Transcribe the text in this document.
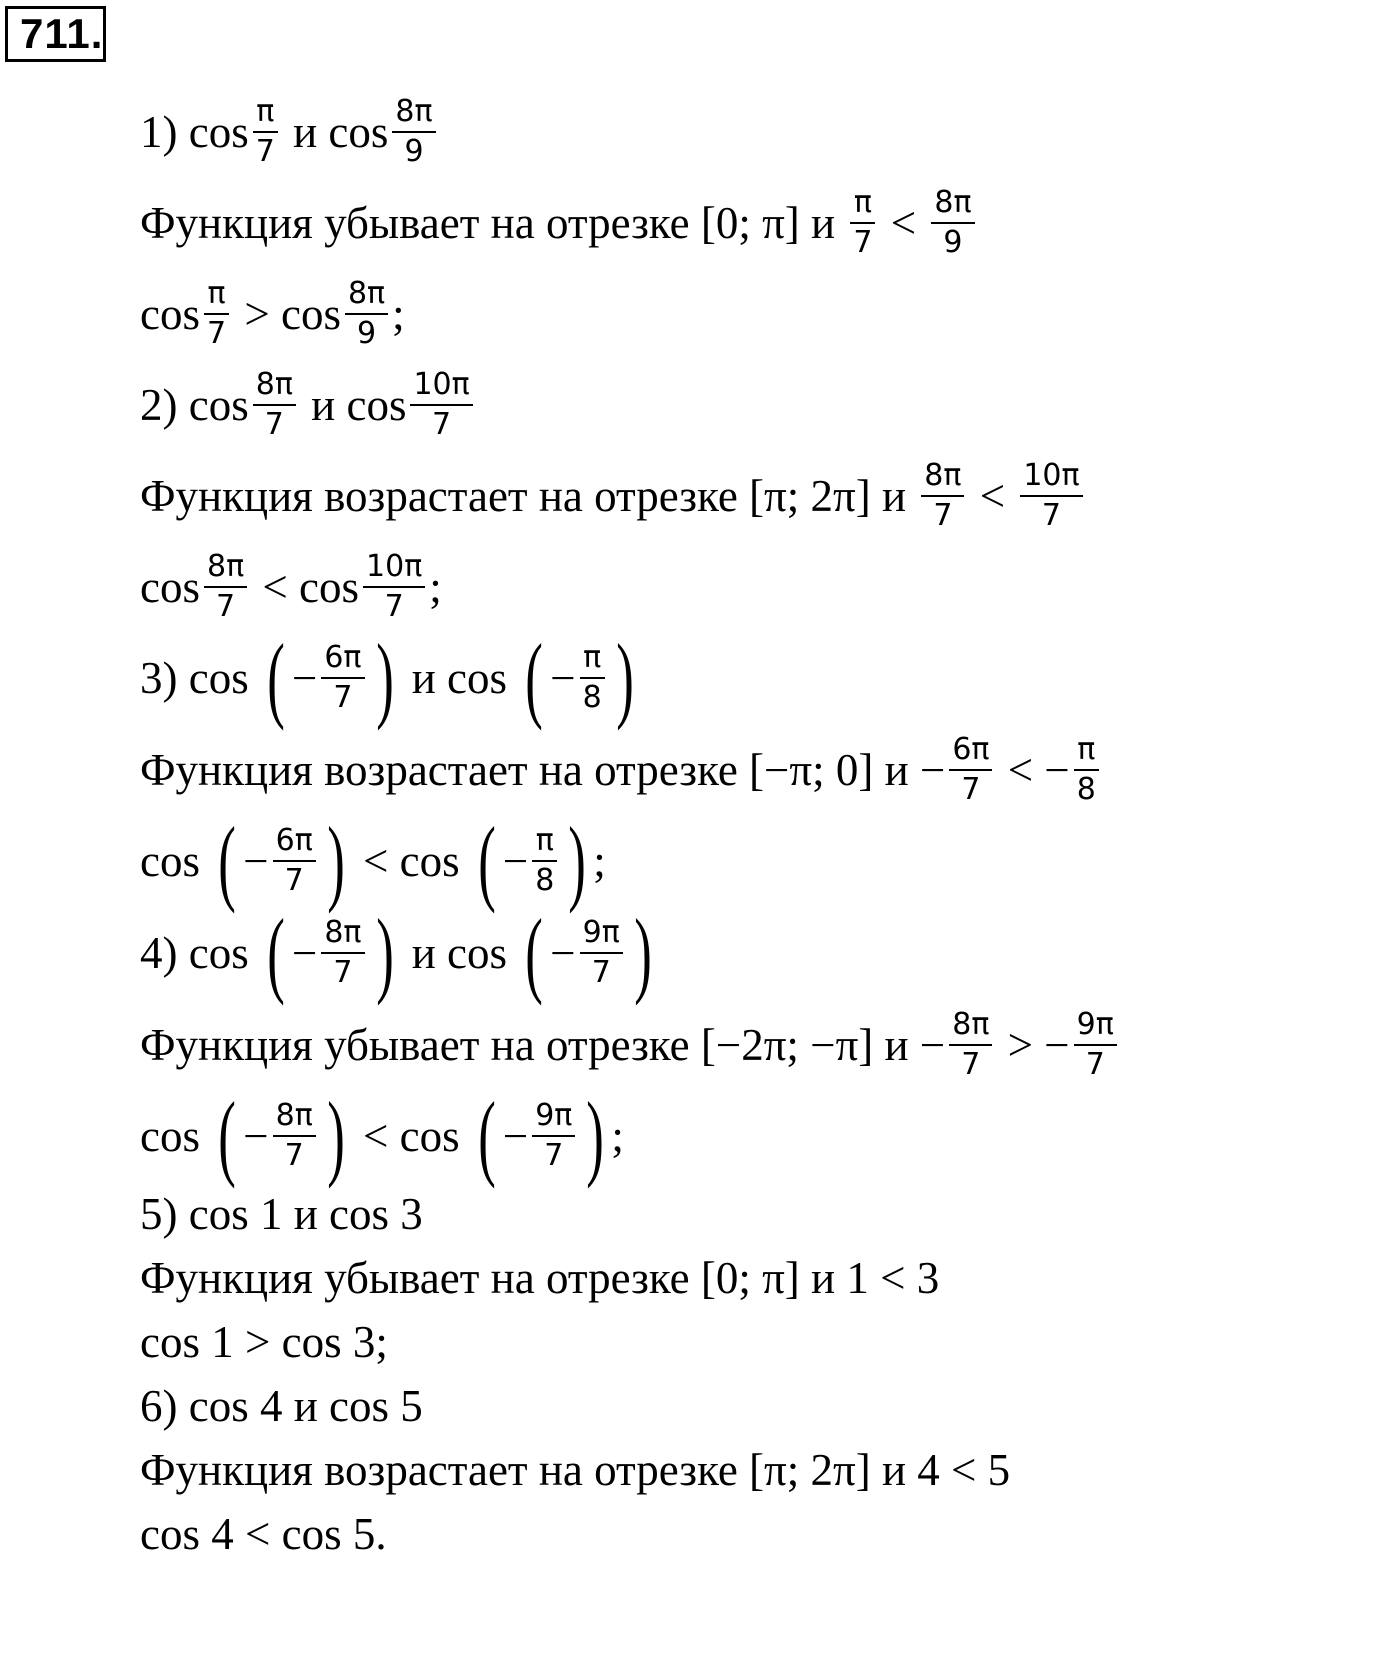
711.
1) $\cos \frac{\pi}{7}$ и $\cos \frac{8\pi}{9}$
Функция убывает на отрезке [0; π] и $\frac{\pi}{7} < \frac{8\pi}{9}$
$\cos \frac{\pi}{7} > \cos \frac{8\pi}{9}$ ;
2) $\cos \frac{8\pi}{7}$ и $\cos \frac{10\pi}{7}$
Функция возрастает на отрезке [π; 2π] и $\frac{8\pi}{7} < \frac{10\pi}{7}$
$\cos \frac{8\pi}{7} < \cos \frac{10\pi}{7}$ ;
3) cos ( − $\frac{6\pi}{7}$ ) и cos ( − $\frac{\pi}{8}$ )
Функция возрастает на отрезке [−π; 0] $и - \frac{6\pi}{7}$ < − $\frac{\pi}{8}$
cos ( − $\frac{6\pi}{7}$ ) < cos ( − $\frac{\pi}{8}$ ) ;
4) cos ( − $\frac{8\pi}{7}$ ) и cos ( − $\frac{9\pi}{7}$ )
Функция убывает на отрезке [−2π; −π] $и - \frac{8\pi}{7}$ > − $\frac{9\pi}{7}$
cos ( − $\frac{8\pi}{7}$ ) < cos ( − $\frac{9\pi}{7}$ ) ;
5) cos 1 и cos 3
Функция убывает на отрезке [0; π] и 1 < 3
cos 1 > cos 3;
6) cos 4 и cos 5
Функция возрастает на отрезке [π; 2π] и 4 < 5
cos 4 < cos 5.
